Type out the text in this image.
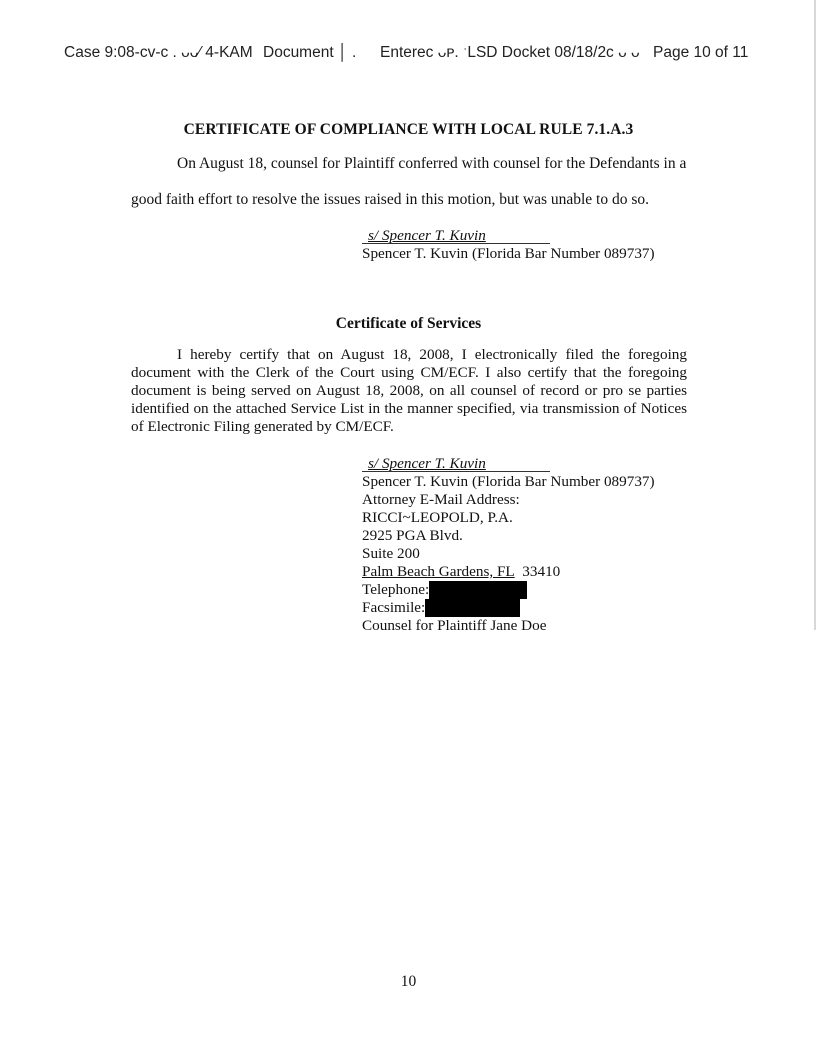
Case 9:08-cv-ᴄ . ᴗᴗ⁄ 4-KAM Document │ . Entereᴄ ᴗᴘ. ˑLSD Docket 08/18/2ᴄ ᴗ ᴗ Page 10 of 11
CERTIFICATE OF COMPLIANCE WITH LOCAL RULE 7.1.A.3
On August 18, counsel for Plaintiff conferred with counsel for the Defendants in a
good faith effort to resolve the issues raised in this motion, but was unable to do so.
s/ Spencer T. Kuvin
Spencer T. Kuvin (Florida Bar Number 089737)
Certificate of Services
I hereby certify that on August 18, 2008, I electronically filed the foregoing document with the Clerk of the Court using CM/ECF. I also certify that the foregoing document is being served on August 18, 2008, on all counsel of record or pro se parties identified on the attached Service List in the manner specified, via transmission of Notices of Electronic Filing generated by CM/ECF.
s/ Spencer T. Kuvin
Spencer T. Kuvin (Florida Bar Number 089737)
Attorney E-Mail Address:
RICCI~LEOPOLD, P.A.
2925 PGA Blvd.
Suite 200
Palm Beach Gardens, FL 33410
Telephone:
Facsimile:
Counsel for Plaintiff Jane Doe
10
